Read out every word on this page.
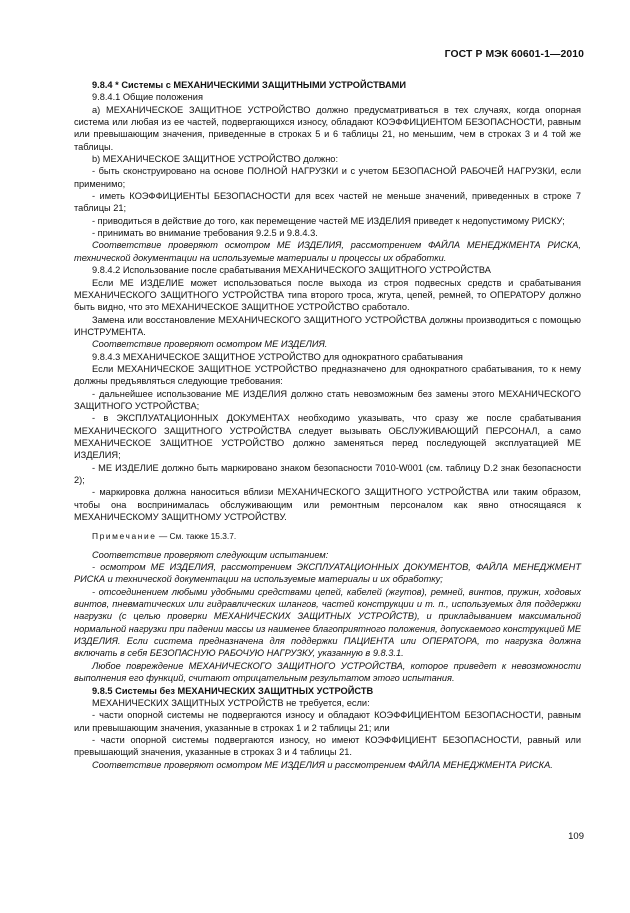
ГОСТ Р МЭК 60601-1—2010

9.8.4 * Системы с МЕХАНИЧЕСКИМИ ЗАЩИТНЫМИ УСТРОЙСТВАМИ

9.8.4.1 Общие положения

а) МЕХАНИЧЕСКОЕ ЗАЩИТНОЕ УСТРОЙСТВО должно предусматриваться в тех случаях, когда опорная система или любая из ее частей, подвергающихся износу, обладают КОЭФФИЦИЕНТОМ БЕЗОПАСНОСТИ, равным или превышающим значения, приведенные в строках 5 и 6 таблицы 21, но меньшим, чем в строках 3 и 4 той же таблицы.

b) МЕХАНИЧЕСКОЕ ЗАЩИТНОЕ УСТРОЙСТВО должно:

- быть сконструировано на основе ПОЛНОЙ НАГРУЗКИ и с учетом БЕЗОПАСНОЙ РАБОЧЕЙ НАГРУЗКИ, если применимо;

- иметь КОЭФФИЦИЕНТЫ БЕЗОПАСНОСТИ для всех частей не меньше значений, приведенных в строке 7 таблицы 21;

- приводиться в действие до того, как перемещение частей МЕ ИЗДЕЛИЯ приведет к недопустимому РИСКУ;

- принимать во внимание требования 9.2.5 и 9.8.4.3.

Соответствие проверяют осмотром МЕ ИЗДЕЛИЯ, рассмотрением ФАЙЛА МЕНЕДЖМЕНТА РИСКА, технической документации на используемые материалы и процессы их обработки.

9.8.4.2 Использование после срабатывания МЕХАНИЧЕСКОГО ЗАЩИТНОГО УСТРОЙСТВА

Если МЕ ИЗДЕЛИЕ может использоваться после выхода из строя подвесных средств и срабатывания МЕХАНИЧЕСКОГО ЗАЩИТНОГО УСТРОЙСТВА типа второго троса, жгута, цепей, ремней, то ОПЕРАТОРУ должно быть видно, что это МЕХАНИЧЕСКОЕ ЗАЩИТНОЕ УСТРОЙСТВО сработало.

Замена или восстановление МЕХАНИЧЕСКОГО ЗАЩИТНОГО УСТРОЙСТВА должны производиться с помощью ИНСТРУМЕНТА.

Соответствие проверяют осмотром МЕ ИЗДЕЛИЯ.

9.8.4.3 МЕХАНИЧЕСКОЕ ЗАЩИТНОЕ УСТРОЙСТВО для однократного срабатывания

Если МЕХАНИЧЕСКОЕ ЗАЩИТНОЕ УСТРОЙСТВО предназначено для однократного срабатывания, то к нему должны предъявляться следующие требования:

- дальнейшее использование МЕ ИЗДЕЛИЯ должно стать невозможным без замены этого МЕХАНИЧЕСКОГО ЗАЩИТНОГО УСТРОЙСТВА;

- в ЭКСПЛУАТАЦИОННЫХ ДОКУМЕНТАХ необходимо указывать, что сразу же после срабатывания МЕХАНИЧЕСКОГО ЗАЩИТНОГО УСТРОЙСТВА следует вызывать ОБСЛУЖИВАЮЩИЙ ПЕРСОНАЛ, а само МЕХАНИЧЕСКОЕ ЗАЩИТНОЕ УСТРОЙСТВО должно заменяться перед последующей эксплуатацией МЕ ИЗДЕЛИЯ;

- МЕ ИЗДЕЛИЕ должно быть маркировано знаком безопасности 7010-W001 (см. таблицу D.2 знак безопасности 2);

- маркировка должна наноситься вблизи МЕХАНИЧЕСКОГО ЗАЩИТНОГО УСТРОЙСТВА или таким образом, чтобы она воспринималась обслуживающим или ремонтным персоналом как явно относящаяся к МЕХАНИЧЕСКОМУ ЗАЩИТНОМУ УСТРОЙСТВУ.

Примечание — См. также 15.3.7.

Соответствие проверяют следующим испытанием:

- осмотром МЕ ИЗДЕЛИЯ, рассмотрением ЭКСПЛУАТАЦИОННЫХ ДОКУМЕНТОВ, ФАЙЛА МЕНЕДЖМЕНТ РИСКА и технической документации на используемые материалы и их обработку;

- отсоединением любыми удобными средствами цепей, кабелей (жгутов), ремней, винтов, пружин, ходовых винтов, пневматических или гидравлических шлангов, частей конструкции и т. п., используемых для поддержки нагрузки (с целью проверки МЕХАНИЧЕСКИХ ЗАЩИТНЫХ УСТРОЙСТВ), и прикладыванием максимальной нормальной нагрузки при падении массы из наименее благоприятного положения, допускаемого конструкцией МЕ ИЗДЕЛИЯ. Если система предназначена для поддержки ПАЦИЕНТА или ОПЕРАТОРА, то нагрузка должна включать в себя БЕЗОПАСНУЮ РАБОЧУЮ НАГРУЗКУ, указанную в 9.8.3.1.

Любое повреждение МЕХАНИЧЕСКОГО ЗАЩИТНОГО УСТРОЙСТВА, которое приведет к невозможности выполнения его функций, считают отрицательным результатом этого испытания.

9.8.5 Системы без МЕХАНИЧЕСКИХ ЗАЩИТНЫХ УСТРОЙСТВ

МЕХАНИЧЕСКИХ ЗАЩИТНЫХ УСТРОЙСТВ не требуется, если:

- части опорной системы не подвергаются износу и обладают КОЭФФИЦИЕНТОМ БЕЗОПАСНОСТИ, равным или превышающим значения, указанные в строках 1 и 2 таблицы 21; или

- части опорной системы подвергаются износу, но имеют КОЭФФИЦИЕНТ БЕЗОПАСНОСТИ, равный или превышающий значения, указанные в строках 3 и 4 таблицы 21.

Соответствие проверяют осмотром МЕ ИЗДЕЛИЯ и рассмотрением ФАЙЛА МЕНЕДЖМЕНТА РИСКА.

109
